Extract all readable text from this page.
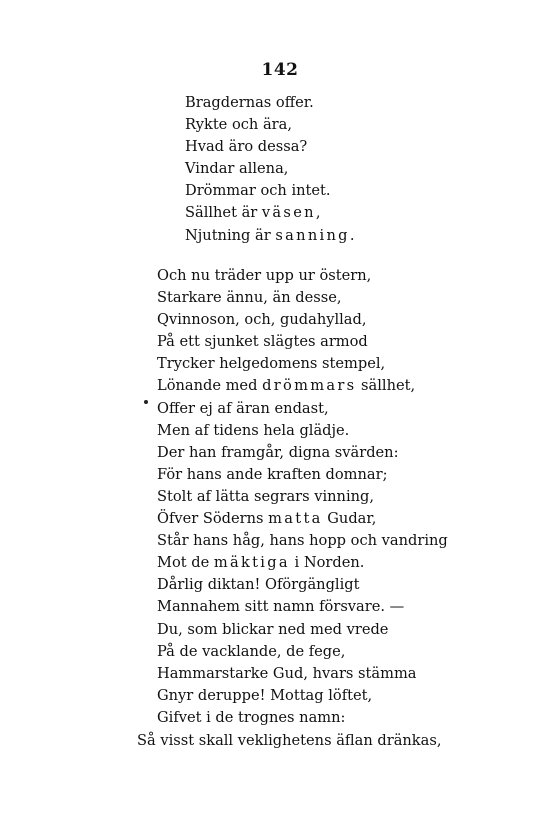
142
Bragdernas offer.
Rykte och ära,
Hvad äro dessa?
Vindar allena,
Drömmar och intet.
Sällhet är väsen,
Njutning är sanning.
Och nu träder upp ur östern,
Starkare ännu, än desse,
Qvinnoson, och, gudahyllad,
På ett sjunket slägtes armod
Trycker helgedomens stempel,
Lönande med drömmars sällhet,
Offer ej af äran endast,
Men af tidens hela glädje.
Der han framgår, digna svärden:
För hans ande kraften domnar;
Stolt af lätta segrars vinning,
Öfver Söderns matta Gudar,
Står hans håg, hans hopp och vandring
Mot de mäktiga i Norden.
Dårlig diktan! Oförgängligt
Mannahem sitt namn försvare. —
Du, som blickar ned med vrede
På de vacklande, de fege,
Hammarstarke Gud, hvars stämma
Gnyr deruppe! Mottag löftet,
Gifvet i de trognes namn:
Så visst skall veklighetens äflan dränkas,
